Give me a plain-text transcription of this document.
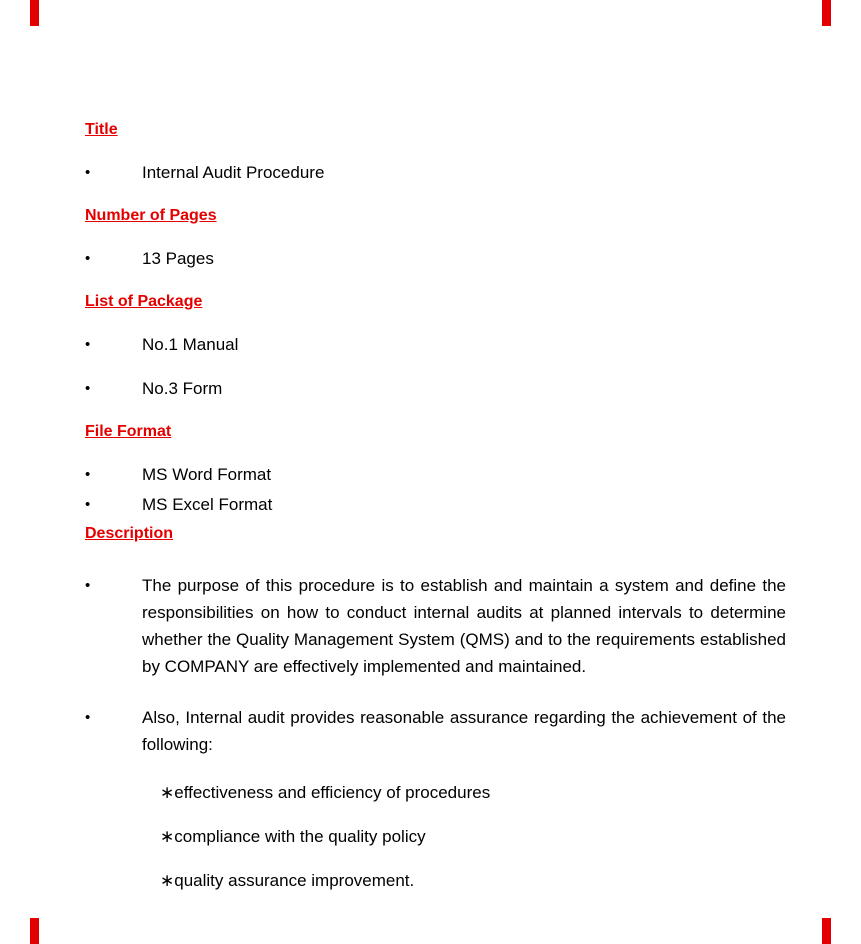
Title
•	Internal Audit Procedure
Number of Pages
•	13 Pages
List of Package
•	No.1 Manual
•	No.3 Form
File Format
•	MS Word Format
•	MS Excel Format
Description
•	The purpose of this procedure is to establish and maintain a system and define the responsibilities on how to conduct internal audits at planned intervals to determine whether the Quality Management System (QMS) and to the requirements established by COMPANY are effectively implemented and maintained.
•	Also, Internal audit provides reasonable assurance regarding the achievement of the following:
∗effectiveness and efficiency of procedures
∗compliance with the quality policy
∗quality assurance improvement.
